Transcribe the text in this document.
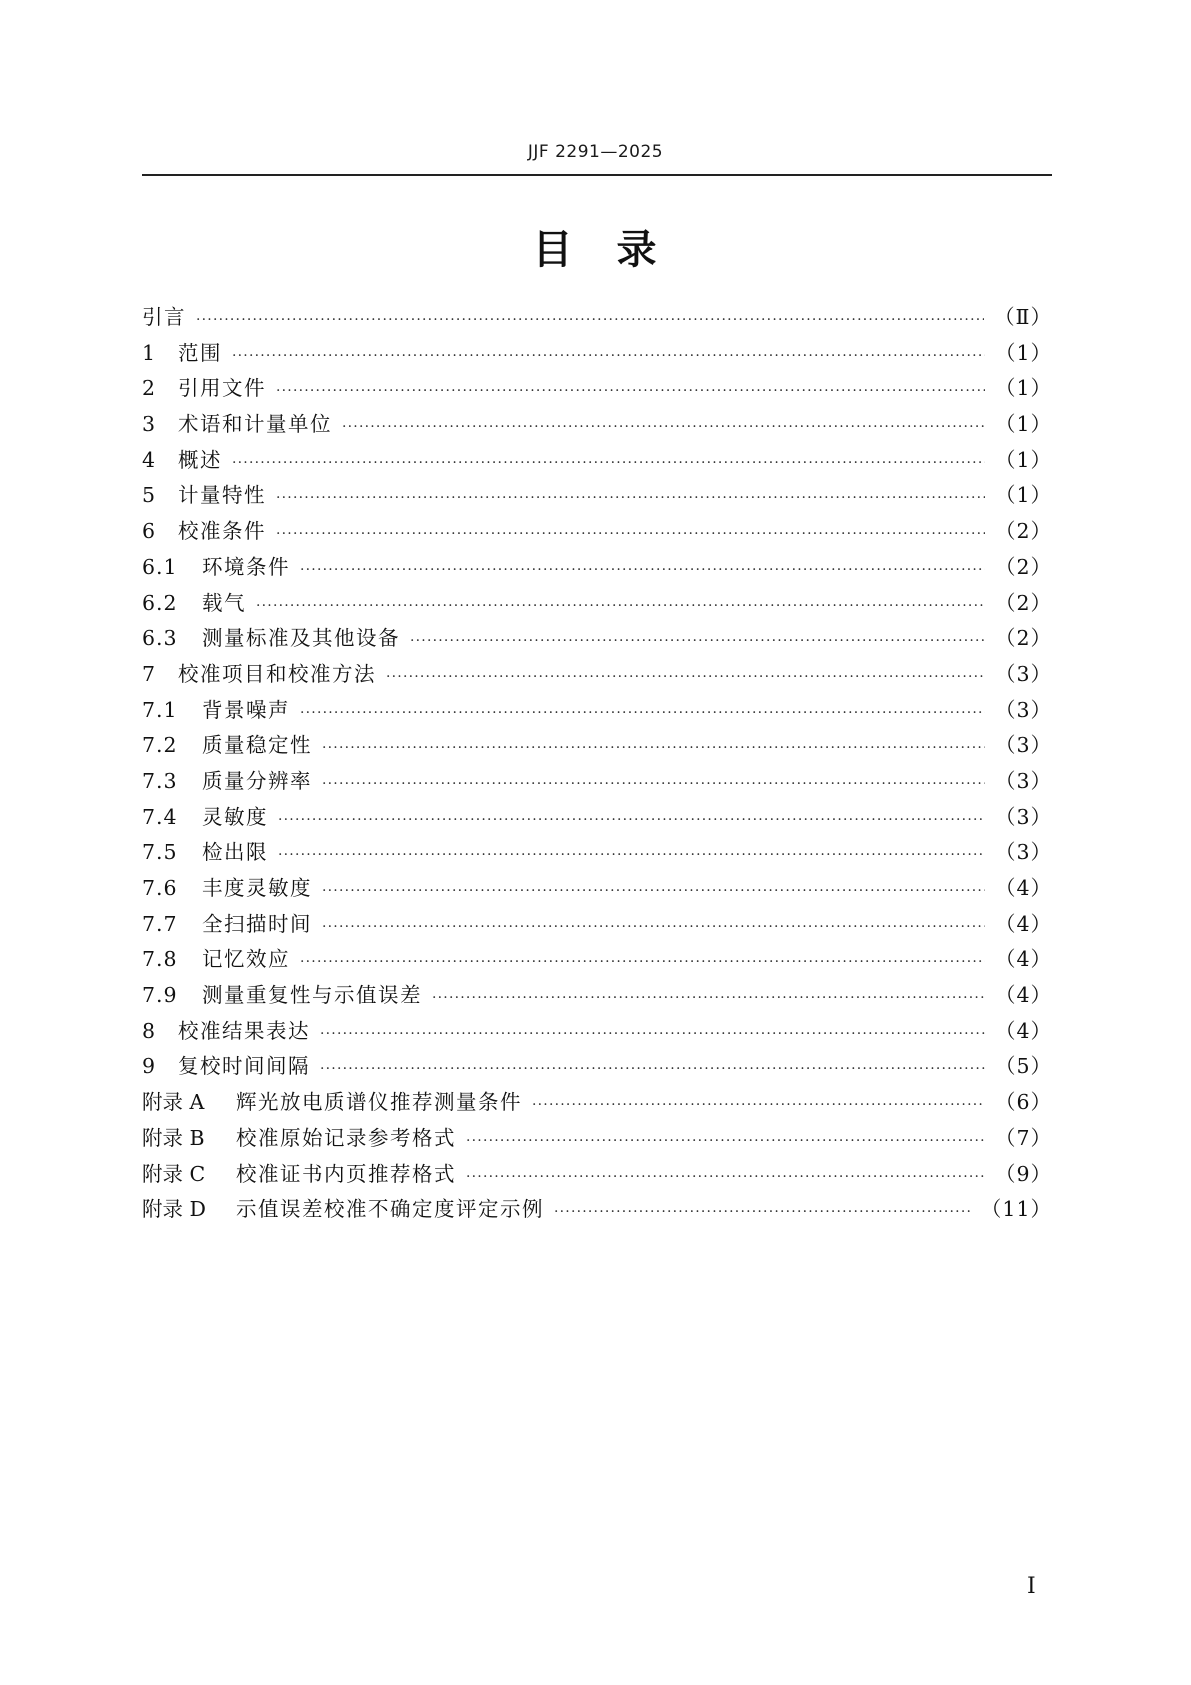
JJF 2291—2025
目　录
引言 ·····	（Ⅱ）
1	范围 ·····	（1）
2	引用文件 ·····	（1）
3	术语和计量单位 ·····	（1）
4	概述 ·····	（1）
5	计量特性 ·····	（1）
6	校准条件 ·····	（2）
6.1	环境条件 ·····	（2）
6.2	载气 ·····	（2）
6.3	测量标准及其他设备 ·····	（2）
7	校准项目和校准方法 ·····	（3）
7.1	背景噪声 ·····	（3）
7.2	质量稳定性 ·····	（3）
7.3	质量分辨率 ·····	（3）
7.4	灵敏度 ·····	（3）
7.5	检出限 ·····	（3）
7.6	丰度灵敏度 ·····	（4）
7.7	全扫描时间 ·····	（4）
7.8	记忆效应 ·····	（4）
7.9	测量重复性与示值误差 ·····	（4）
8	校准结果表达 ·····	（4）
9	复校时间间隔 ·····	（5）
附录 A	辉光放电质谱仪推荐测量条件 ·····	（6）
附录 B	校准原始记录参考格式 ·····	（7）
附录 C	校准证书内页推荐格式 ·····	（9）
附录 D	示值误差校准不确定度评定示例 ·····	（11）
Ⅰ
